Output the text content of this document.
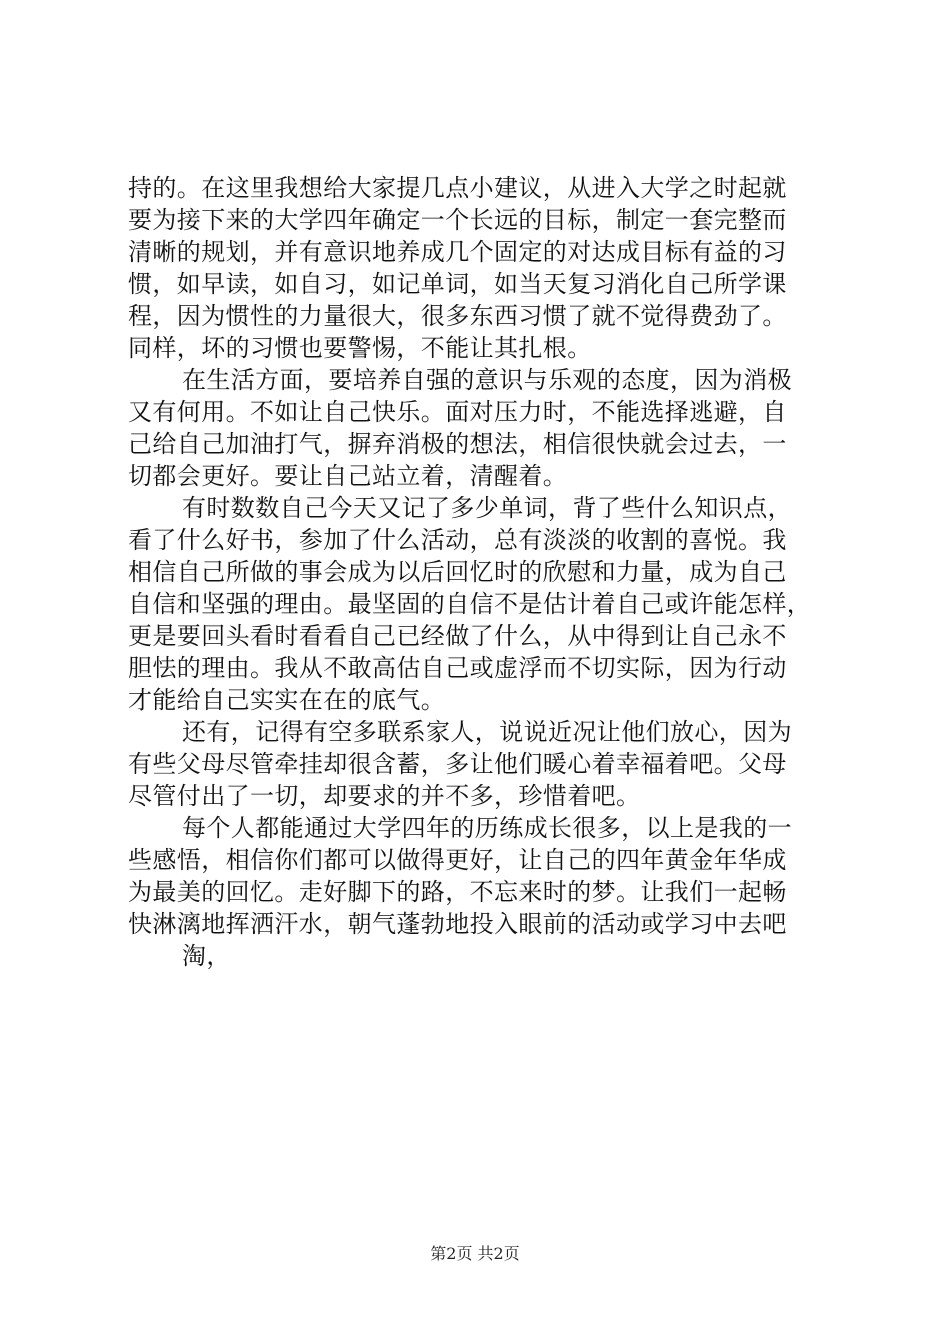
持的。在这里我想给大家提几点小建议，从进入大学之时起就
要为接下来的大学四年确定一个长远的目标，制定一套完整而
清晰的规划，并有意识地养成几个固定的对达成目标有益的习
惯，如早读，如自习，如记单词，如当天复习消化自己所学课
程，因为惯性的力量很大，很多东西习惯了就不觉得费劲了。
同样，坏的习惯也要警惕，不能让其扎根。
在生活方面，要培养自强的意识与乐观的态度，因为消极
又有何用。不如让自己快乐。面对压力时，不能选择逃避，自
己给自己加油打气，摒弃消极的想法，相信很快就会过去，一
切都会更好。要让自己站立着，清醒着。
有时数数自己今天又记了多少单词，背了些什么知识点，
看了什么好书，参加了什么活动，总有淡淡的收割的喜悦。我
相信自己所做的事会成为以后回忆时的欣慰和力量，成为自己
自信和坚强的理由。最坚固的自信不是估计着自己或许能怎样，
更是要回头看时看看自己已经做了什么，从中得到让自己永不
胆怯的理由。我从不敢高估自己或虚浮而不切实际，因为行动
才能给自己实实在在的底气。
还有，记得有空多联系家人，说说近况让他们放心，因为
有些父母尽管牵挂却很含蓄，多让他们暖心着幸福着吧。父母
尽管付出了一切，却要求的并不多，珍惜着吧。
每个人都能通过大学四年的历练成长很多，以上是我的一
些感悟，相信你们都可以做得更好，让自己的四年黄金年华成
为最美的回忆。走好脚下的路，不忘来时的梦。让我们一起畅
快淋漓地挥洒汗水，朝气蓬勃地投入眼前的活动或学习中去吧
淘，
第2页 共2页
